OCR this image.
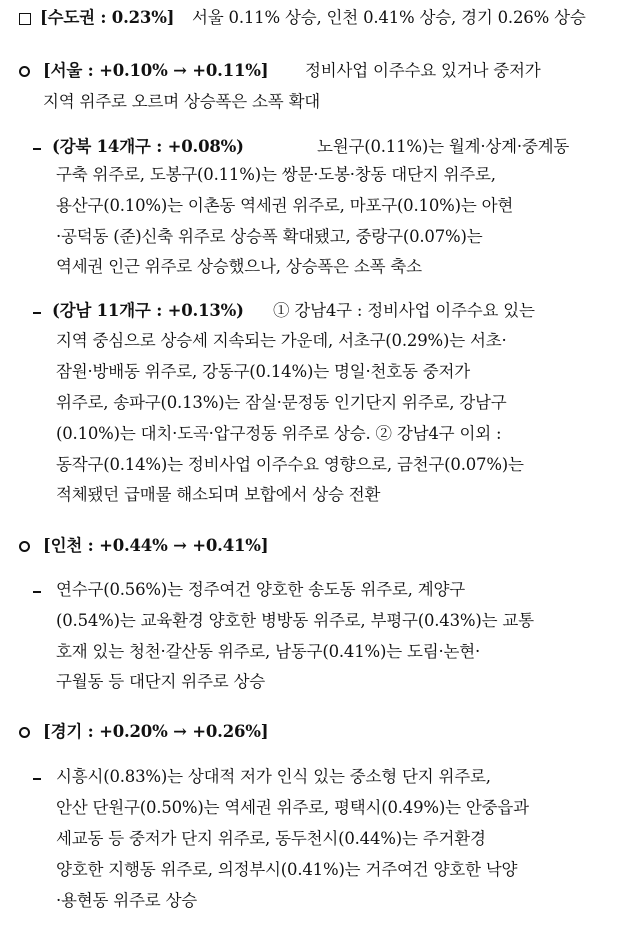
[수도권 : 0.23%] 서울 0.11% 상승, 인천 0.41% 상승, 경기 0.26% 상승
[서울 : +0.10% → +0.11%] 정비사업 이주수요 있거나 중저가
지역 위주로 오르며 상승폭은 소폭 확대
(강북 14개구 : +0.08%)	노원구(0.11%)는 월계·상계·중계동
구축 위주로, 도봉구(0.11%)는 쌍문·도봉·창동 대단지 위주로,
용산구(0.10%)는 이촌동 역세권 위주로, 마포구(0.10%)는 아현
·공덕동 (준)신축 위주로 상승폭 확대됐고, 중랑구(0.07%)는
역세권 인근 위주로 상승했으나, 상승폭은 소폭 축소
(강남 11개구 : +0.13%) ① 강남4구 : 정비사업 이주수요 있는
지역 중심으로 상승세 지속되는 가운데, 서초구(0.29%)는 서초·
잠원·방배동 위주로, 강동구(0.14%)는 명일·천호동 중저가
위주로, 송파구(0.13%)는 잠실·문정동 인기단지 위주로, 강남구
(0.10%)는 대치·도곡·압구정동 위주로 상승. ② 강남4구 이외 :
동작구(0.14%)는 정비사업 이주수요 영향으로, 금천구(0.07%)는
적체됐던 급매물 해소되며 보합에서 상승 전환
[인천 : +0.44% → +0.41%]
연수구(0.56%)는 정주여건 양호한 송도동 위주로, 계양구
(0.54%)는 교육환경 양호한 병방동 위주로, 부평구(0.43%)는 교통
호재 있는 청천·갈산동 위주로, 남동구(0.41%)는 도림·논현·
구월동 등 대단지 위주로 상승
[경기 : +0.20% → +0.26%]
시흥시(0.83%)는 상대적 저가 인식 있는 중소형 단지 위주로,
안산 단원구(0.50%)는 역세권 위주로, 평택시(0.49%)는 안중읍과
세교동 등 중저가 단지 위주로, 동두천시(0.44%)는 주거환경
양호한 지행동 위주로, 의정부시(0.41%)는 거주여건 양호한 낙양
·용현동 위주로 상승
